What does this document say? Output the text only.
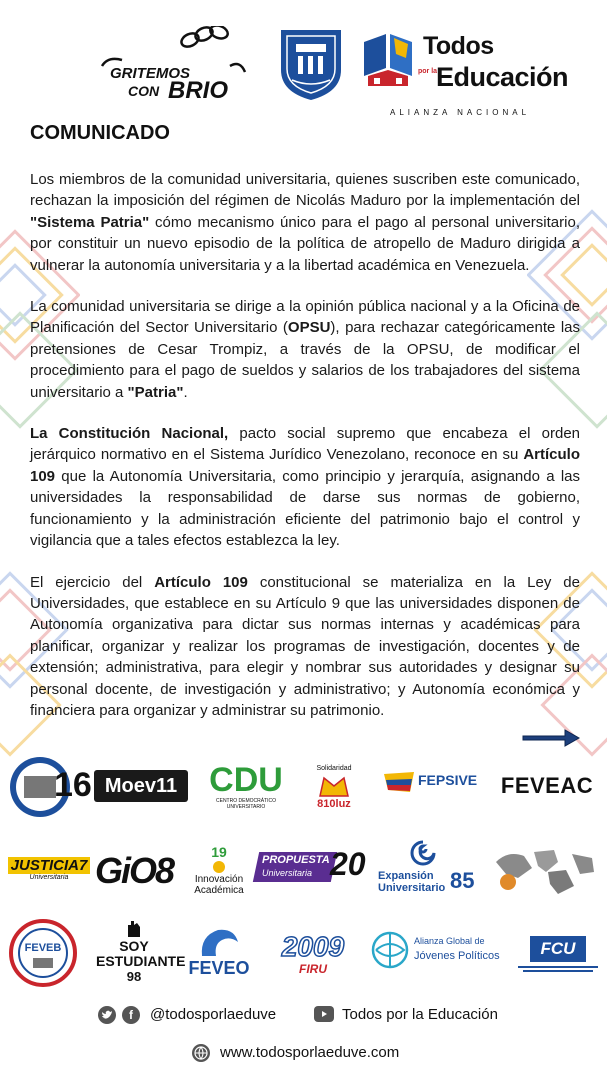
GRITEMOS
CON BRIO
Todos
por la
Educación
ALIANZA NACIONAL
COMUNICADO

Los miembros de la comunidad universitaria, quienes suscriben este comunicado, rechazan la imposición del régimen de Nicolás Maduro por la implementación del "Sistema Patria" cómo mecanismo único para el pago al personal universitario, por constituir un nuevo episodio de la política de atropello de Maduro dirigida a vulnerar la autonomía universitaria y a la libertad académica en Venezuela.

La comunidad universitaria se dirige a la opinión pública nacional y a la Oficina de Planificación del Sector Universitario (OPSU), para rechazar categóricamente las pretensiones de Cesar Trompiz, a través de la OPSU, de modificar el procedimiento para el pago de sueldos y salarios de los trabajadores del sistema universitario a "Patria".

La Constitución Nacional, pacto social supremo que encabeza el orden jerárquico normativo en el Sistema Jurídico Venezolano, reconoce en su Artículo 109 que la Autonomía Universitaria, como principio y jerarquía, asignando a las universidades la responsabilidad de darse sus normas de gobierno, funcionamiento y la administración eficiente del patrimonio bajo el control y vigilancia que a tales efectos establezca la ley.

El ejercicio del Artículo 109 constitucional se materializa en la Ley de Universidades, que establece en su Artículo 9 que las universidades disponen de Autonomía organizativa para dictar sus normas internas y académicas para planificar, organizar y realizar los programas de investigación, docentes y de extensión; administrativa, para elegir y nombrar sus autoridades y designar su personal docente, de investigación y administrativo; y Autonomía económica y financiera para organizar y administrar su patrimonio.

16 Moev11 CDU
CENTRO DEMOCRÁTICO UNIVERSITARIO
Solidaridad
810luz
FEPSIVE FEVEAC
JUSTICIA7
Universitaria GiO8	19
Innovación Académica
PROPUESTA
Universitaria 20 Expansión
Universitario 85
FEVEB	SOY ESTUDIANTE
98	FEVEO
2009
FIRU
Alianza Global de
Jóvenes Políticos FCU
f @todosporlaeduve	Todos por la Educación
www.todosporlaeduve.com
